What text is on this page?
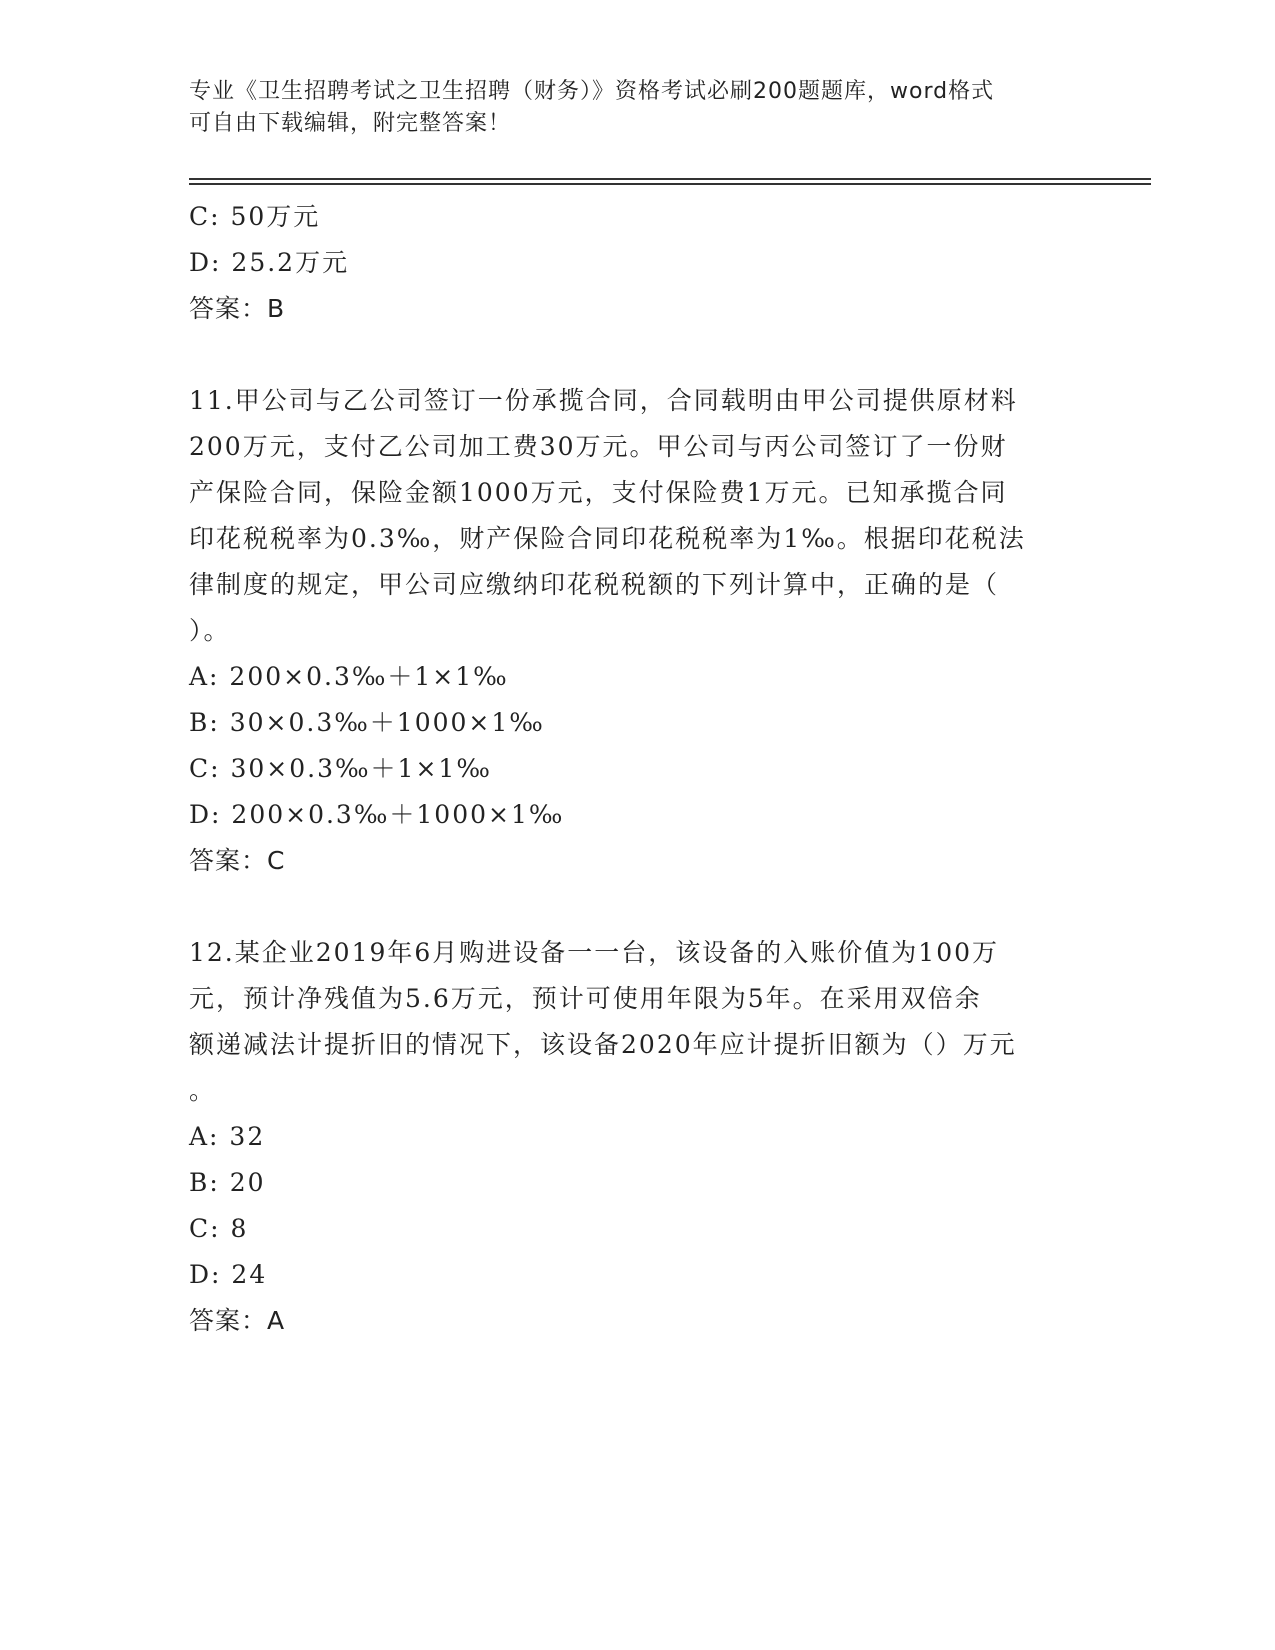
专业《卫生招聘考试之卫生招聘（财务）》资格考试必刷200题题库，word格式
可自由下载编辑，附完整答案！
C: 50万元
D: 25.2万元
答案：B
11.甲公司与乙公司签订一份承揽合同，合同载明由甲公司提供原材料
200万元，支付乙公司加工费30万元。甲公司与丙公司签订了一份财
产保险合同，保险金额1000万元，支付保险费1万元。已知承揽合同
印花税税率为0.3‰，财产保险合同印花税税率为1‰。根据印花税法
律制度的规定，甲公司应缴纳印花税税额的下列计算中，正确的是（
）。
A: 200×0.3‰＋1×1‰
B: 30×0.3‰＋1000×1‰
C: 30×0.3‰＋1×1‰
D: 200×0.3‰＋1000×1‰
答案：C
12.某企业2019年6月购进设备一一台，该设备的入账价值为100万
元，预计净残值为5.6万元，预计可使用年限为5年。在采用双倍余
额递减法计提折旧的情况下，该设备2020年应计提折旧额为（）万元
。
A: 32
B: 20
C: 8
D: 24
答案：A
